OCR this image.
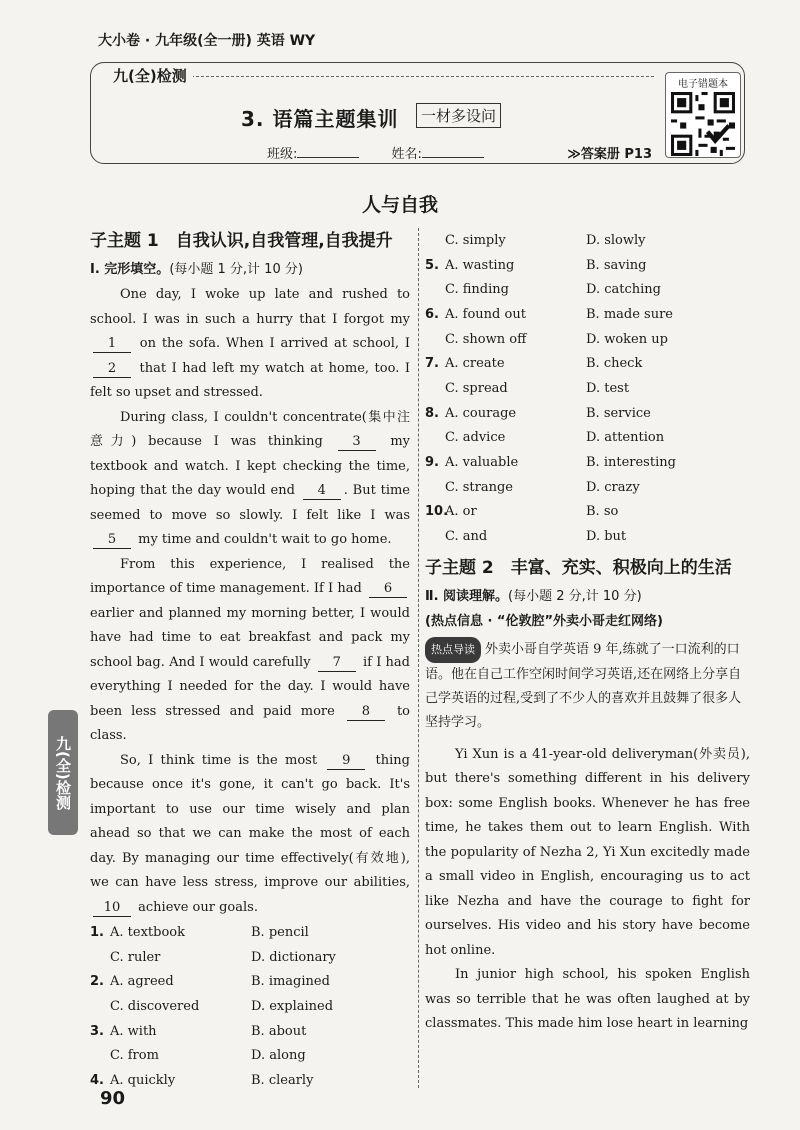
大小卷 · 九年级(全一册) 英语 WY
九(全)检测
3. 语篇主题集训	一材多设问
班级:	姓名:	≫答案册 P13
电子错题本
人与自我
子主题 1　自我认识,自我管理,自我提升
Ⅰ. 完形填空。(每小题 1 分,计 10 分)

One day, I woke up late and rushed to school. I was in such a hurry that I forgot my 1 on the sofa. When I arrived at school, I 2 that I had left my watch at home, too. I felt so upset and stressed.

During class, I couldn't concentrate(集中注意力) because I was thinking 3 my textbook and watch. I kept checking the time, hoping that the day would end 4 . But time seemed to move so slowly. I felt like I was 5 my time and couldn't wait to go home.

From this experience, I realised the importance of time management. If I had 6 earlier and planned my morning better, I would have had time to eat breakfast and pack my school bag. And I would carefully 7 if I had everything I needed for the day. I would have been less stressed and paid more 8 to class.

So, I think time is the most 9 thing because once it's gone, it can't go back. It's important to use our time wisely and plan ahead so that we can make the most of each day. By managing our time effectively(有效地), we can have less stress, improve our abilities, 10 achieve our goals.

1. A. textbook	B. pencil
C. ruler	D. dictionary
2. A. agreed	B. imagined
C. discovered	D. explained
3. A. with	B. about
C. from	D. along
4. A. quickly	B. clearly
C. simply	D. slowly
5. A. wasting	B. saving
C. finding	D. catching
6. A. found out	B. made sure
C. shown off	D. woken up
7. A. create	B. check
C. spread	D. test
8. A. courage	B. service
C. advice	D. attention
9. A. valuable	B. interesting
C. strange	D. crazy
10.
A. or	B. so
C. and	D. but
子主题 2　丰富、充实、积极向上的生活
Ⅱ. 阅读理解。(每小题 2 分,计 10 分)
(热点信息 · “伦敦腔”外卖小哥走红网络)
热点导读 外卖小哥自学英语 9 年,练就了一口流利的口语。他在自己工作空闲时间学习英语,还在网络上分享自己学英语的过程,受到了不少人的喜欢并且鼓舞了很多人坚持学习。

Yi Xun is a 41-year-old deliveryman(外卖员), but there's something different in his delivery box: some English books. Whenever he has free time, he takes them out to learn English. With the popularity of Nezha 2, Yi Xun excitedly made a small video in English, encouraging us to act like Nezha and have the courage to fight for ourselves. His video and his story have become hot online.

In junior high school, his spoken English was so terrible that he was often laughed at by classmates. This made him lose heart in learning

九(全)检测
90
